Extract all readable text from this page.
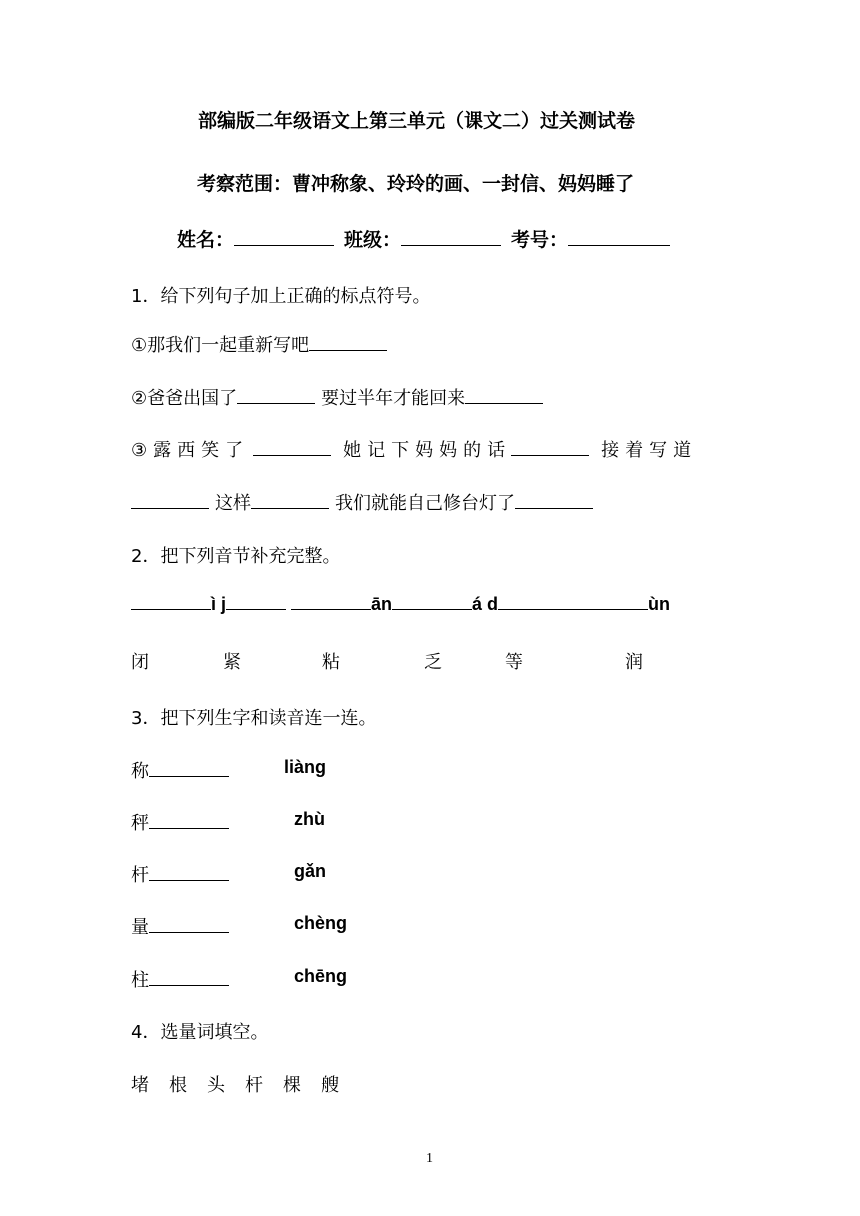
部编版二年级语文上第三单元（课文二）过关测试卷
考察范围：曹冲称象、玲玲的画、一封信、妈妈睡了
姓名：	班级：	考号：
1．给下列句子加上正确的标点符号。
①那我们一起重新写吧
②爸爸出国了	要过半年才能回来
③露西笑了	她记下妈妈的话	接着写道
这样	我们就能自己修台灯了
2．把下列音节补充完整。
ì j	ān	á d	ùn
闭	紧	粘	乏	等	润
3．把下列生字和读音连一连。
称	liàng
秤	zhù
杆	gǎn
量	chèng
柱	chēng
4．选量词填空。
堵 根 头 杆 棵 艘
1
